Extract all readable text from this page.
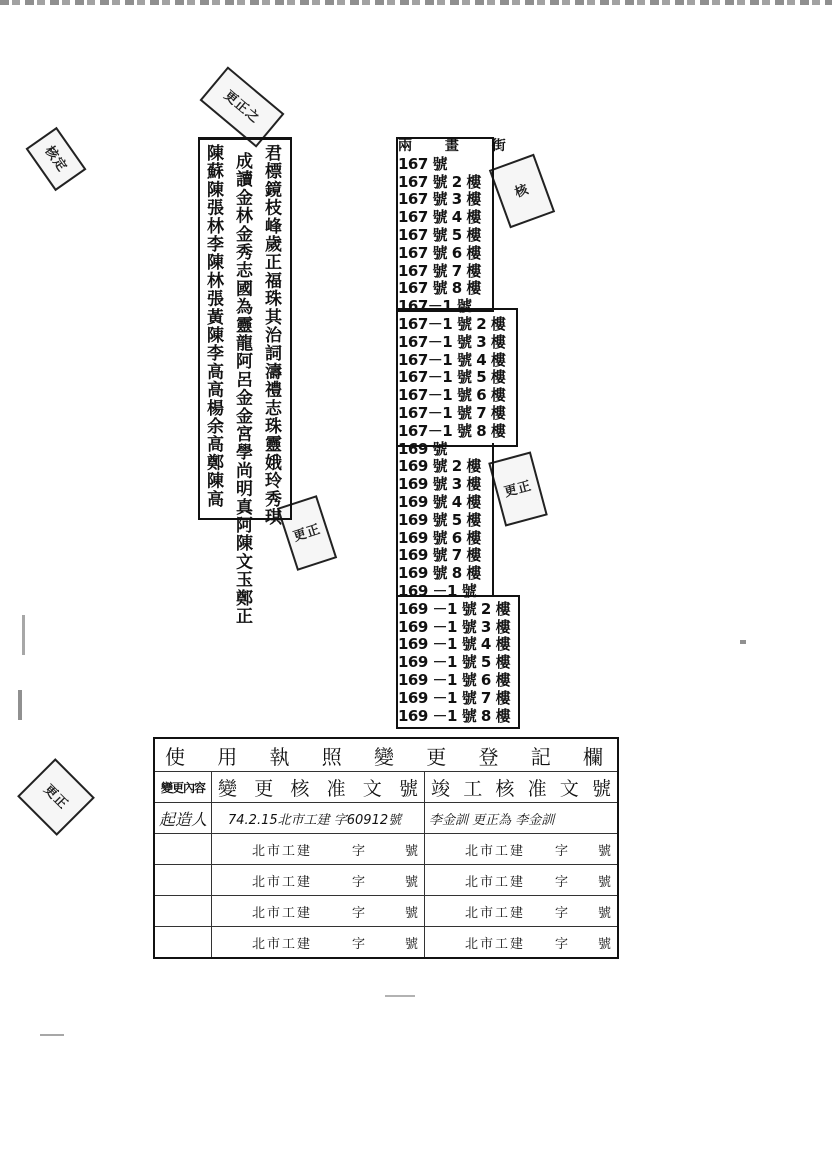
更正之
核定
核
更正
更正
更正
君標鏡枝峰歲正福珠其治詞濤禮志珠靈娥玲秀琪
成讀金林金秀志國為靈龍阿呂金金宮學尚明真阿陳文玉鄭正
陳蘇陳張林李陳林張黃陳李高高楊余高鄭陳高	兩 畫 街
167 號
167 號 2 樓
167 號 3 樓
167 號 4 樓
167 號 5 樓
167 號 6 樓
167 號 7 樓
167 號 8 樓
167－1 號
167－1 號 2 樓
167－1 號 3 樓
167－1 號 4 樓
167－1 號 5 樓
167－1 號 6 樓
167－1 號 7 樓
167－1 號 8 樓
169 號
169 號 2 樓
169 號 3 樓
169 號 4 樓
169 號 5 樓
169 號 6 樓
169 號 7 樓
169 號 8 樓
169 －1 號
169 －1 號 2 樓
169 －1 號 3 樓
169 －1 號 4 樓
169 －1 號 5 樓
169 －1 號 6 樓
169 －1 號 7 樓
169 －1 號 8 樓
使用執照變更登記欄		
變更內容	變更核准文號	竣工核准文號
起造人	74.2.15北市工建 字60912號	李金訓 更正為 李金訓

	北市工建 字 號	北市工建 字 號

	北市工建 字 號	北市工建 字 號

	北市工建 字 號	北市工建 字 號

	北市工建 字 號	北市工建 字 號
